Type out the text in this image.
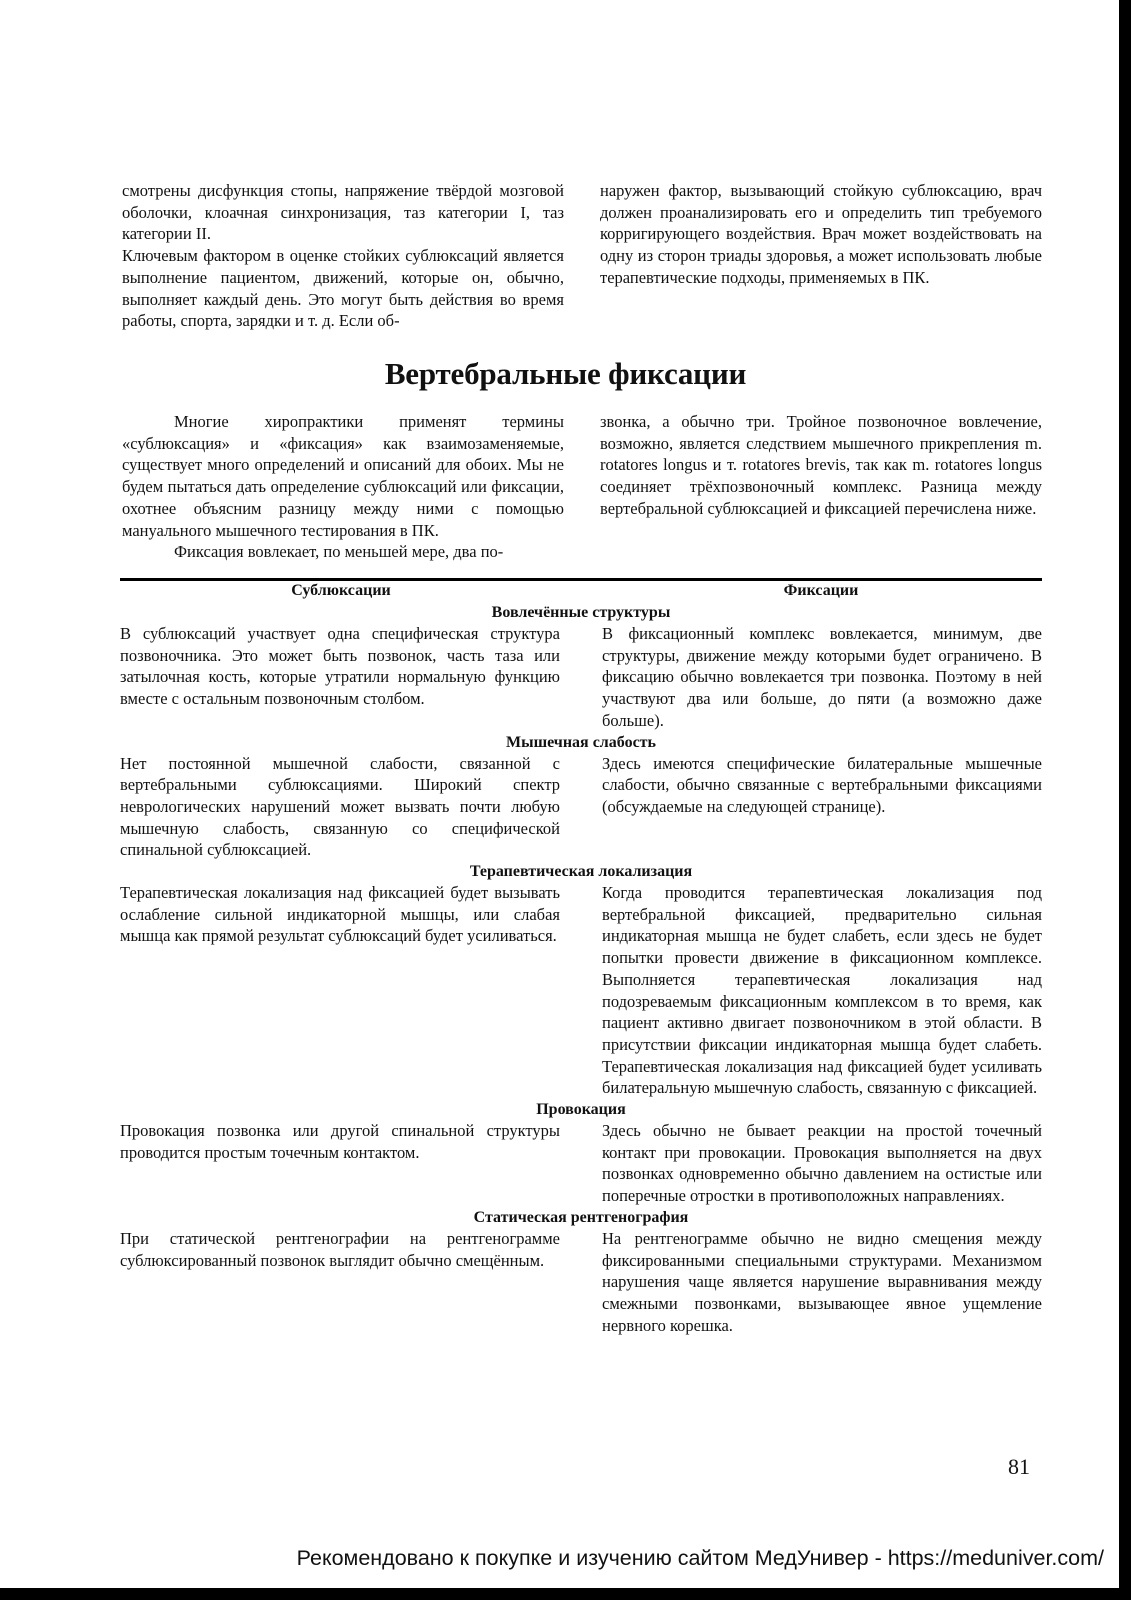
смотрены дисфункция стопы, напряжение твёрдой мозговой оболочки, клоачная синхронизация, таз категории I, таз категории II.

Ключевым фактором в оценке стойких сублюксаций является выполнение пациентом, движений, которые он, обычно, выполняет каждый день. Это могут быть действия во время работы, спорта, зарядки и т. д. Если об-

наружен фактор, вызывающий стойкую сублюксацию, врач должен проанализировать его и определить тип требуемого корригирующего воздействия. Врач может воздействовать на одну из сторон триады здоровья, а может использовать любые терапевтические подходы, применяемых в ПК.

Вертебральные фиксации

Многие хиропрактики применят термины «сублюксация» и «фиксация» как взаимозаменяемые, существует много определений и описаний для обоих. Мы не будем пытаться дать определение сублюксаций или фиксации, охотнее объясним разницу между ними с помощью мануального мышечного тестирования в ПК.

Фиксация вовлекает, по меньшей мере, два по-

звонка, а обычно три. Тройное позвоночное вовлечение, возможно, является следствием мышечного прикрепления m. rotatores longus и т. rotatores brevis, так как m. rotatores longus соединяет трёхпозвоночный комплекс. Разница между вертебральной сублюксацией и фиксацией перечислена ниже.

Сублюксации	Фиксации
Вовлечённые структуры
В сублюксаций участвует одна специфическая структура позвоночника. Это может быть позвонок, часть таза или затылочная кость, которые утратили нормальную функцию вместе с остальным позвоночным столбом.
В фиксационный комплекс вовлекается, минимум, две структуры, движение между которыми будет ограничено. В фиксацию обычно вовлекается три позвонка. Поэтому в ней участвуют два или больше, до пяти (а возможно даже больше).
Мышечная слабость
Нет постоянной мышечной слабости, связанной с вертебральными сублюксациями. Широкий спектр неврологических нарушений может вызвать почти любую мышечную слабость, связанную со специфической спинальной сублюксацией.
Здесь имеются специфические билатеральные мышечные слабости, обычно связанные с вертебральными фиксациями (обсуждаемые на следующей странице).
Терапевтическая локализация
Терапевтическая локализация над фиксацией будет вызывать ослабление сильной индикаторной мышцы, или слабая мышца как прямой результат сублюксаций будет усиливаться.
Когда проводится терапевтическая локализация под вертебральной фиксацией, предварительно сильная индикаторная мышца не будет слабеть, если здесь не будет попытки провести движение в фиксационном комплексе. Выполняется терапевтическая локализация над подозреваемым фиксационным комплексом в то время, как пациент активно двигает позвоночником в этой области. В присутствии фиксации индикаторная мышца будет слабеть. Терапевтическая локализация над фиксацией будет усиливать билатеральную мышечную слабость, связанную с фиксацией.
Провокация
Провокация позвонка или другой спинальной структуры проводится простым точечным контактом.
Здесь обычно не бывает реакции на простой точечный контакт при провокации. Провокация выполняется на двух позвонках одновременно обычно давлением на остистые или поперечные отростки в противоположных направлениях.
Статическая рентгенография
При статической рентгенографии на рентгенограмме сублюксированный позвонок выглядит обычно смещённым.
На рентгенограмме обычно не видно смещения между фиксированными специальными структурами. Механизмом нарушения чаще является нарушение выравнивания между смежными позвонками, вызывающее явное ущемление нервного корешка.
81
Рекомендовано к покупке и изучению сайтом МедУнивер - https://meduniver.com/
